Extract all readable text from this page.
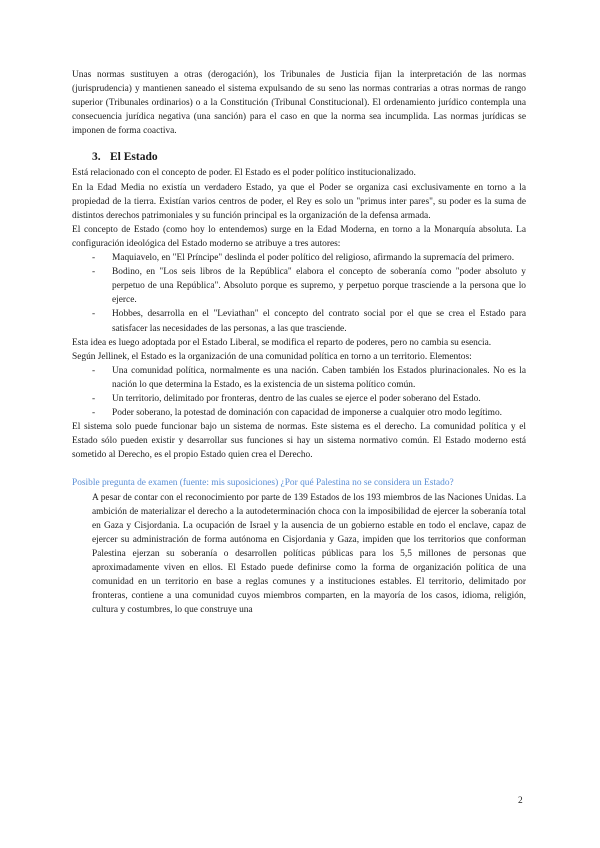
Unas normas sustituyen a otras (derogación), los Tribunales de Justicia fijan la interpretación de las normas (jurisprudencia) y mantienen saneado el sistema expulsando de su seno las normas contrarias a otras normas de rango superior (Tribunales ordinarios) o a la Constitución (Tribunal Constitucional). El ordenamiento jurídico contempla una consecuencia jurídica negativa (una sanción) para el caso en que la norma sea incumplida. Las normas jurídicas se imponen de forma coactiva.

3. El Estado

Está relacionado con el concepto de poder. El Estado es el poder político institucionalizado.

En la Edad Media no existía un verdadero Estado, ya que el Poder se organiza casi exclusivamente en torno a la propiedad de la tierra. Existían varios centros de poder, el Rey es solo un "primus inter pares", su poder es la suma de distintos derechos patrimoniales y su función principal es la organización de la defensa armada.

El concepto de Estado (como hoy lo entendemos) surge en la Edad Moderna, en torno a la Monarquía absoluta. La configuración ideológica del Estado moderno se atribuye a tres autores:

- Maquiavelo, en "El Príncipe" deslinda el poder político del religioso, afirmando la supremacía del primero.
- Bodino, en "Los seis libros de la República" elabora el concepto de soberanía como "poder absoluto y perpetuo de una República". Absoluto porque es supremo, y perpetuo porque trasciende a la persona que lo ejerce.
- Hobbes, desarrolla en el "Leviathan" el concepto del contrato social por el que se crea el Estado para satisfacer las necesidades de las personas, a las que trasciende.

Esta idea es luego adoptada por el Estado Liberal, se modifica el reparto de poderes, pero no cambia su esencia.

Según Jellinek, el Estado es la organización de una comunidad política en torno a un territorio. Elementos:

- Una comunidad política, normalmente es una nación. Caben también los Estados plurinacionales. No es la nación lo que determina la Estado, es la existencia de un sistema político común.
- Un territorio, delimitado por fronteras, dentro de las cuales se ejerce el poder soberano del Estado.
- Poder soberano, la potestad de dominación con capacidad de imponerse a cualquier otro modo legítimo.

El sistema solo puede funcionar bajo un sistema de normas. Este sistema es el derecho. La comunidad política y el Estado sólo pueden existir y desarrollar sus funciones si hay un sistema normativo común. El Estado moderno está sometido al Derecho, es el propio Estado quien crea el Derecho.

Posible pregunta de examen (fuente: mis suposiciones) ¿Por qué Palestina no se considera un Estado?

A pesar de contar con el reconocimiento por parte de 139 Estados de los 193 miembros de las Naciones Unidas. La ambición de materializar el derecho a la autodeterminación choca con la imposibilidad de ejercer la soberanía total en Gaza y Cisjordania. La ocupación de Israel y la ausencia de un gobierno estable en todo el enclave, capaz de ejercer su administración de forma autónoma en Cisjordania y Gaza, impiden que los territorios que conforman Palestina ejerzan su soberanía o desarrollen políticas públicas para los 5,5 millones de personas que aproximadamente viven en ellos. El Estado puede definirse como la forma de organización política de una comunidad en un territorio en base a reglas comunes y a instituciones estables. El territorio, delimitado por fronteras, contiene a una comunidad cuyos miembros comparten, en la mayoría de los casos, idioma, religión, cultura y costumbres, lo que construye una

2
